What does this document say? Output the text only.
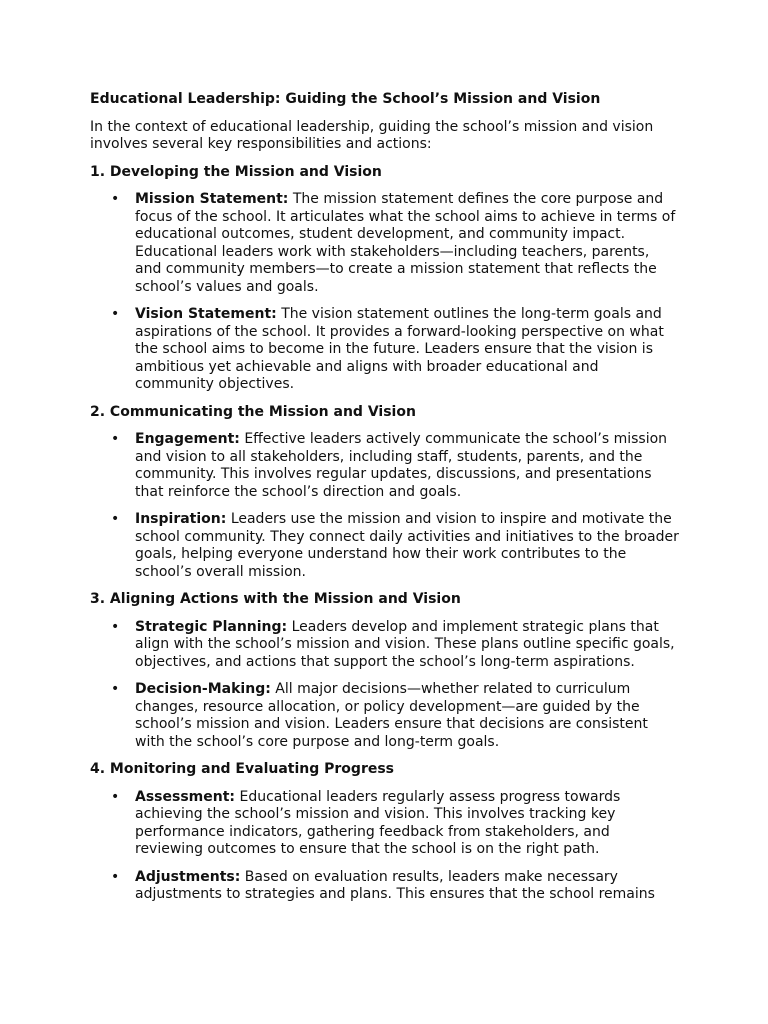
Educational Leadership: Guiding the School’s Mission and Vision
In the context of educational leadership, guiding the school’s mission and vision involves several key responsibilities and actions:
1. Developing the Mission and Vision
• Mission Statement: The mission statement defines the core purpose and focus of the school. It articulates what the school aims to achieve in terms of educational outcomes, student development, and community impact. Educational leaders work with stakeholders—including teachers, parents, and community members—to create a mission statement that reflects the school’s values and goals.
• Vision Statement: The vision statement outlines the long-term goals and aspirations of the school. It provides a forward-looking perspective on what the school aims to become in the future. Leaders ensure that the vision is ambitious yet achievable and aligns with broader educational and community objectives.
2. Communicating the Mission and Vision
• Engagement: Effective leaders actively communicate the school’s mission and vision to all stakeholders, including staff, students, parents, and the community. This involves regular updates, discussions, and presentations that reinforce the school’s direction and goals.
• Inspiration: Leaders use the mission and vision to inspire and motivate the school community. They connect daily activities and initiatives to the broader goals, helping everyone understand how their work contributes to the school’s overall mission.
3. Aligning Actions with the Mission and Vision
• Strategic Planning: Leaders develop and implement strategic plans that align with the school’s mission and vision. These plans outline specific goals, objectives, and actions that support the school’s long-term aspirations.
• Decision-Making: All major decisions—whether related to curriculum changes, resource allocation, or policy development—are guided by the school’s mission and vision. Leaders ensure that decisions are consistent with the school’s core purpose and long-term goals.
4. Monitoring and Evaluating Progress
• Assessment: Educational leaders regularly assess progress towards achieving the school’s mission and vision. This involves tracking key performance indicators, gathering feedback from stakeholders, and reviewing outcomes to ensure that the school is on the right path.
• Adjustments: Based on evaluation results, leaders make necessary adjustments to strategies and plans. This ensures that the school remains
